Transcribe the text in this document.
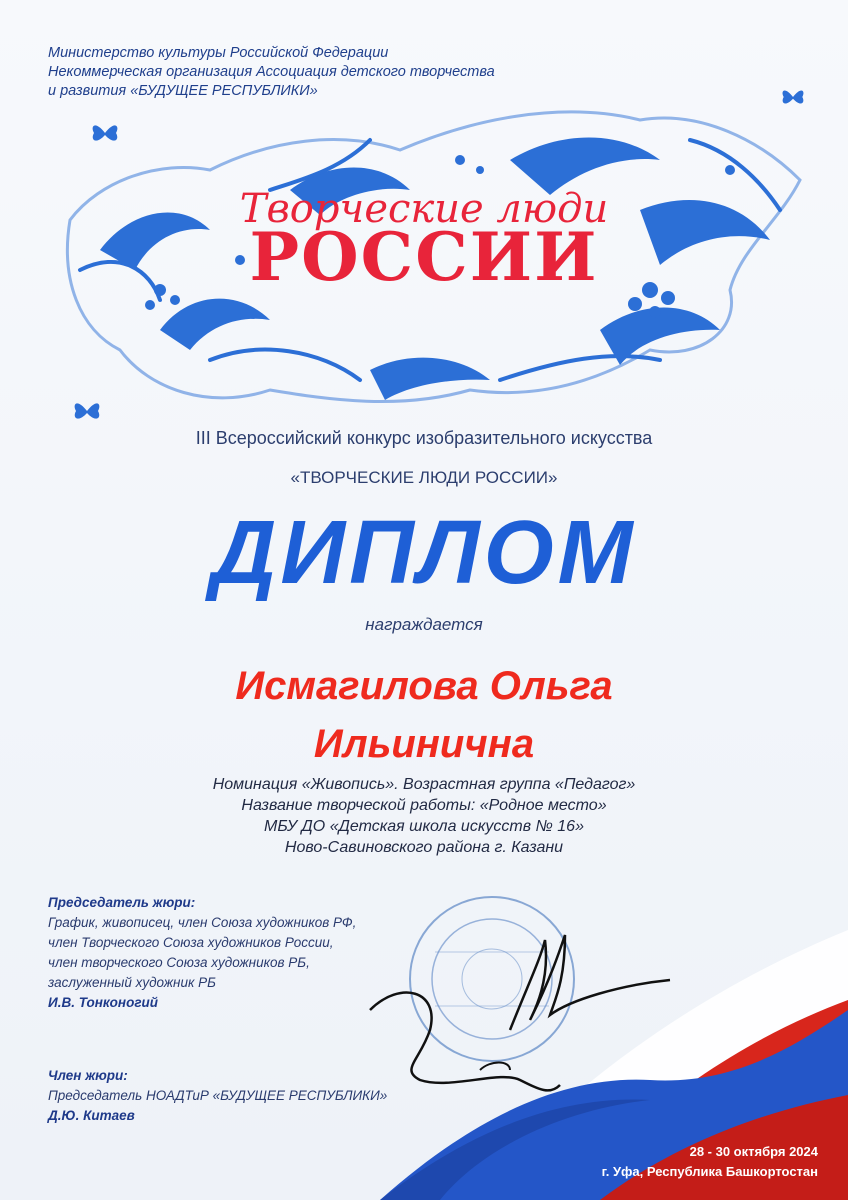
Министерство культуры Российской Федерации
Некоммерческая организация Ассоциация детского творчества
и развития «БУДУЩЕЕ РЕСПУБЛИКИ»
Творческие люди
РОССИИ
III Всероссийский конкурс изобразительного искусства
«ТВОРЧЕСКИЕ ЛЮДИ РОССИИ»
ДИПЛОМ
награждается
Исмагилова Ольга
Ильинична
Номинация «Живопись». Возрастная группа «Педагог»
Название творческой работы: «Родное место»
МБУ ДО «Детская школа искусств № 16»
Ново-Савиновского района г. Казани
Председатель жюри:
График, живописец, член Союза художников РФ,
член Творческого Союза художников России,
член творческого Союза художников РБ,
заслуженный художник РБ
И.В. Тонконогий
Член жюри:
Председатель НОАДТиР «БУДУЩЕЕ РЕСПУБЛИКИ»
Д.Ю. Китаев
28 - 30 октября 2024
г. Уфа, Республика Башкортостан
